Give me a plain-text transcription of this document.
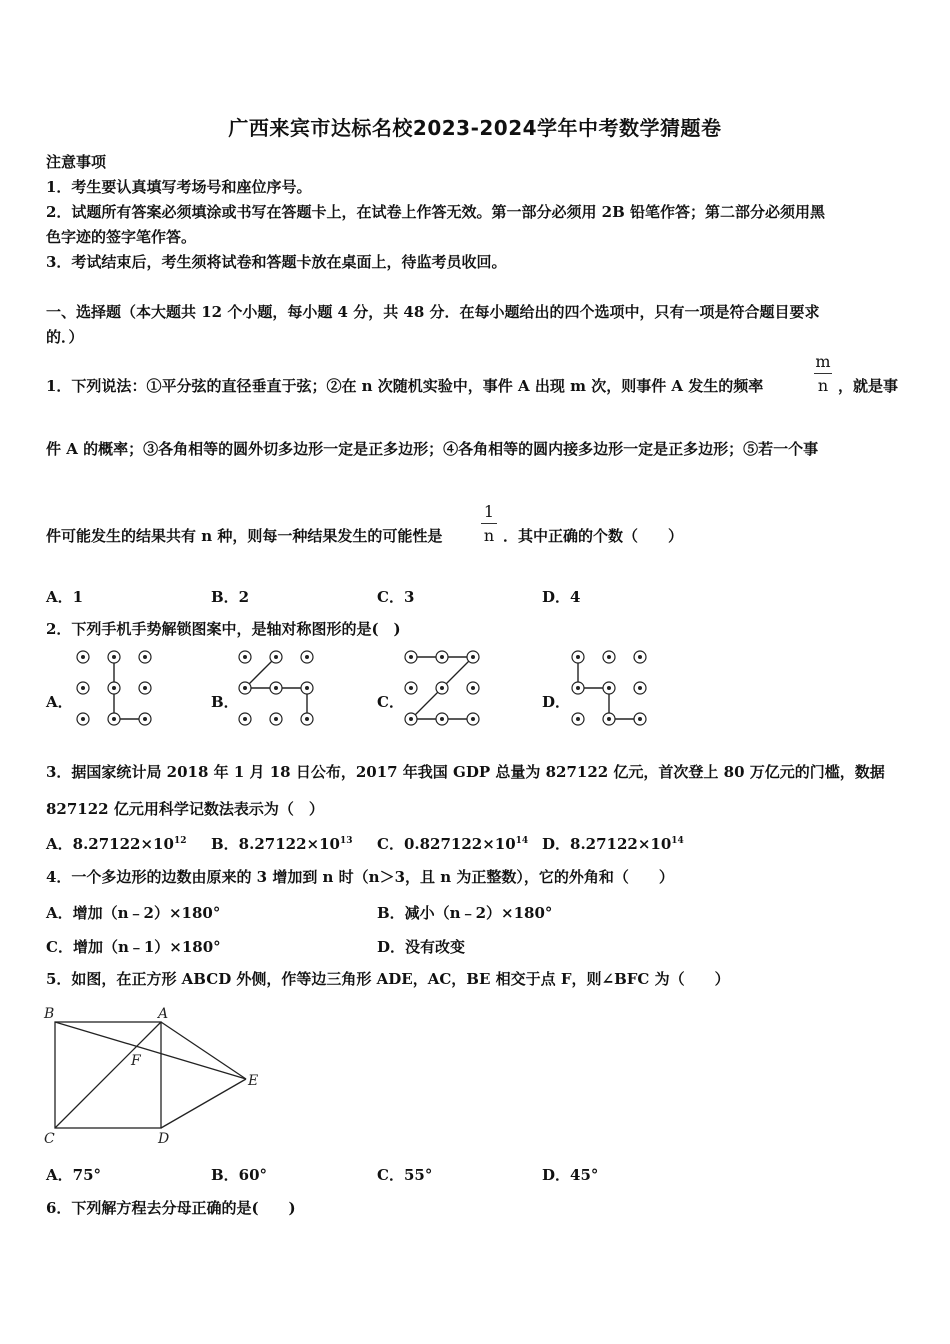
广西来宾市达标名校2023-2024学年中考数学猜题卷
注意事项
1．考生要认真填写考场号和座位序号。
2．试题所有答案必须填涂或书写在答题卡上，在试卷上作答无效。第一部分必须用 2B 铅笔作答；第二部分必须用黑
色字迹的签字笔作答。
3．考试结束后，考生须将试卷和答题卡放在桌面上，待监考员收回。
一、选择题（本大题共 12 个小题，每小题 4 分，共 48 分．在每小题给出的四个选项中，只有一项是符合题目要求
的．）
1．下列说法：①平分弦的直径垂直于弦；②在 n 次随机实验中，事件 A 出现 m 次，则事件 A 发生的频率
m
n ，就是事
件 A 的概率；③各角相等的圆外切多边形一定是正多边形；④各角相等的圆内接多边形一定是正多边形；⑤若一个事
件可能发生的结果共有 n 种，则每一种结果发生的可能性是
1
n ．其中正确的个数（　　）
A．1	B．2	C．3	D．4
2．下列手机手势解锁图案中，是轴对称图形的是(　)
A．	B．	C．	D．
3．据国家统计局 2018 年 1 月 18 日公布，2017 年我国 GDP 总量为 827122 亿元，首次登上 80 万亿元的门槛，数据
827122 亿元用科学记数法表示为（　）
A．$8.27122\times 10^{12}$ B．$8.27122\times 10^{13}$ C．$0.827122\times 10^{14}$ D．$8.27122\times 10^{14}$
4．一个多边形的边数由原来的 3 增加到 n 时（n＞3，且 n 为正整数），它的外角和（　　）
A．增加（n﹣2）×180°	B．减小（n﹣2）×180°
C．增加（n﹣1）×180°	D．没有改变
5．如图，在正方形 ABCD 外侧，作等边三角形 ADE，AC，BE 相交于点 F，则∠BFC 为（　　）
B	A
F
E
C	D
A．75°	B．60°	C．55°	D．45°
6．下列解方程去分母正确的是(　　)
